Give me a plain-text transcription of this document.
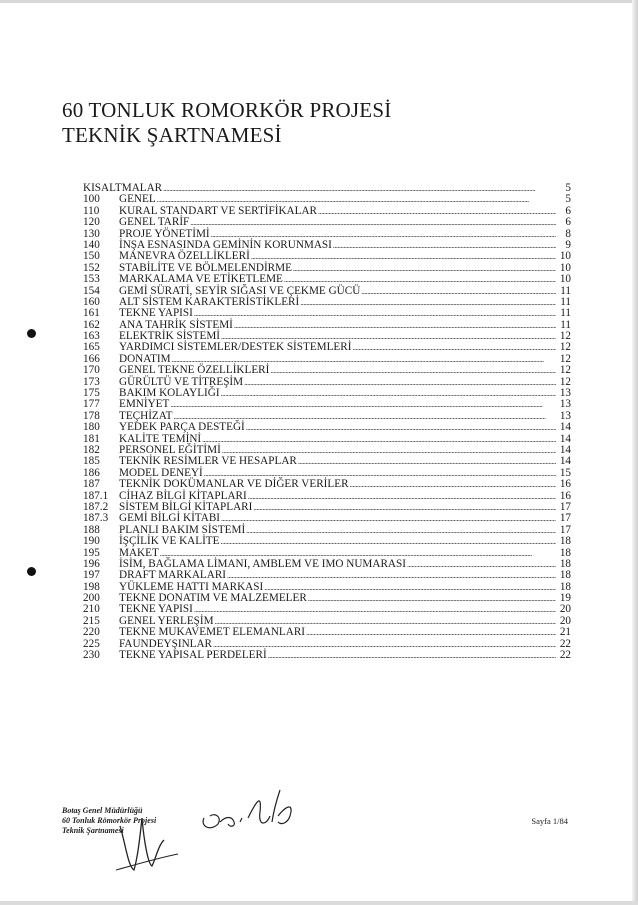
60 TONLUK ROMORKÖR PROJESİ
TEKNİK ŞARTNAMESİ
KISALTMALAR .....	5
100 GENEL .....	5
110 KURAL STANDART VE SERTİFİKALAR .....	6
120 GENEL TARİF .....	6
130 PROJE YÖNETİMİ .....	8
140 İNŞA ESNASINDA GEMİNİN KORUNMASI .....	9
150 MANEVRA ÖZELLİKLERİ .....	10
152 STABİLİTE VE BÖLMELENDİRME .....	10
153 MARKALAMA VE ETİKETLEME .....	10
154 GEMİ SÜRATİ, SEYİR SIĞASI VE ÇEKME GÜCÜ .....	11
160 ALT SİSTEM KARAKTERİSTİKLERİ .....	11
161 TEKNE YAPISI .....	11
162 ANA TAHRİK SİSTEMİ .....	11
163 ELEKTRİK SİSTEMİ .....	12
165 YARDIMCI SİSTEMLER/DESTEK SİSTEMLERİ .....	12
166 DONATIM .....	12
170 GENEL TEKNE ÖZELLİKLERİ .....	12
173 GÜRÜLTÜ VE TİTREŞİM .....	12
175 BAKIM KOLAYLIĞI .....	13
177 EMNİYET .....	13
178 TEÇHİZAT .....	13
180 YEDEK PARÇA DESTEĞİ .....	14
181 KALİTE TEMİNİ .....	14
182 PERSONEL EĞİTİMİ .....	14
185 TEKNİK RESİMLER VE HESAPLAR .....	14
186 MODEL DENEYİ .....	15
187 TEKNİK DOKÜMANLAR VE DİĞER VERİLER .....	16
187.1 CİHAZ BİLGİ KİTAPLARI .....	16
187.2 SİSTEM BİLGİ KİTAPLARI .....	17
187.3 GEMİ BİLGİ KİTABI .....	17
188 PLANLI BAKIM SİSTEMİ .....	17
190 İŞÇİLİK VE KALİTE .....	18
195 MAKET .....	18
196 İSİM, BAĞLAMA LİMANI, AMBLEM VE IMO NUMARASI .....	18
197 DRAFT MARKALARI .....	18
198 YÜKLEME HATTI MARKASI .....	18
200 TEKNE DONATIM VE MALZEMELER .....	19
210 TEKNE YAPISI .....	20
215 GENEL YERLEŞİM .....	20
220 TEKNE MUKAVEMET ELEMANLARI .....	21
225 FAUNDEYŞINLAR .....	22
230 TEKNE YAPISAL PERDELERİ .....	22
Botaş Genel Müdürlüğü
60 Tonluk Römorkör Projesi
Teknik Şartnamesi
Sayfa 1/84
